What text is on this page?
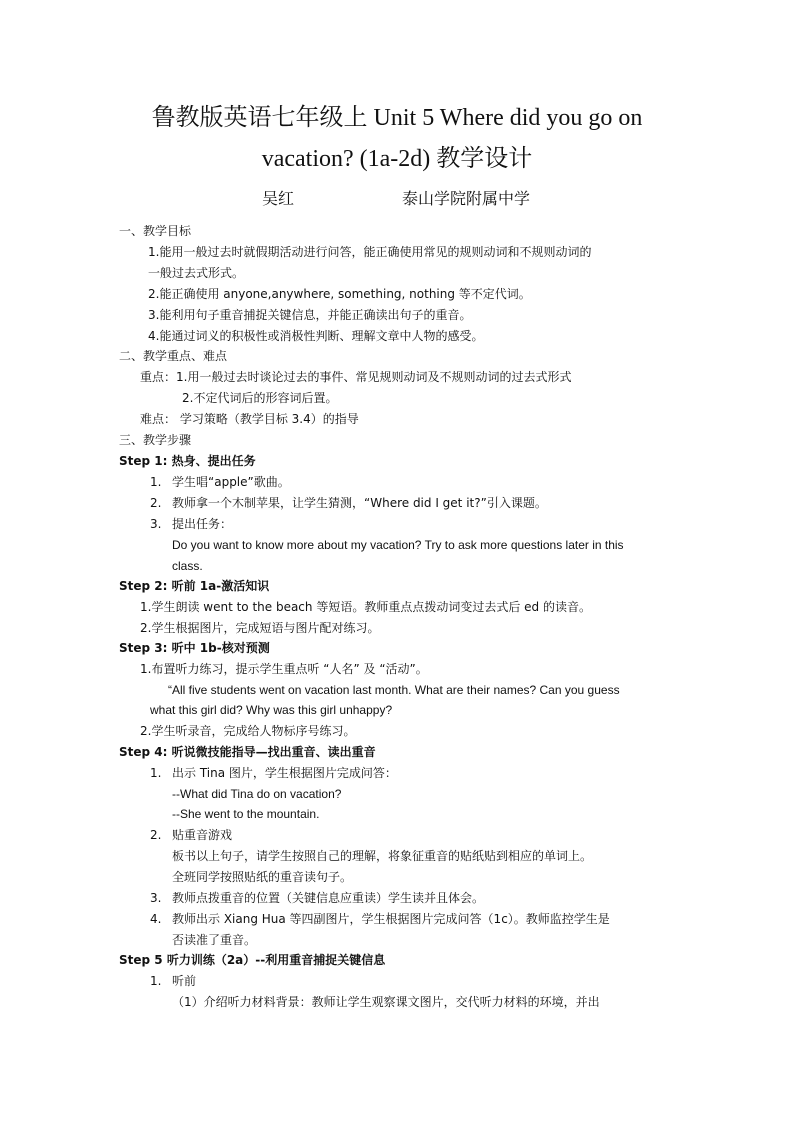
鲁教版英语七年级上 Unit 5 Where did you go on
vacation? (1a-2d) 教学设计
吴红	泰山学院附属中学
一、教学目标
1.能用一般过去时就假期活动进行问答，能正确使用常见的规则动词和不规则动词的
一般过去式形式。
2.能正确使用 anyone,anywhere, something, nothing 等不定代词。
3.能利用句子重音捕捉关键信息，并能正确读出句子的重音。
4.能通过词义的积极性或消极性判断、理解文章中人物的感受。
二、教学重点、难点
重点：1.用一般过去时谈论过去的事件、常见规则动词及不规则动词的过去式形式
2.不定代词后的形容词后置。
难点： 学习策略（教学目标 3.4）的指导
三、教学步骤
Step 1: 热身、提出任务
1. 学生唱“apple”歌曲。
2. 教师拿一个木制苹果，让学生猜测，“Where did I get it?”引入课题。
3. 提出任务：
Do you want to know more about my vacation? Try to ask more questions later in this
class.
Step 2: 听前 1a-激活知识
1.学生朗读 went to the beach 等短语。教师重点点拨动词变过去式后 ed 的读音。
2.学生根据图片，完成短语与图片配对练习。
Step 3: 听中 1b-核对预测
1.布置听力练习，提示学生重点听 “人名” 及 “活动”。
“All five students went on vacation last month. What are their names? Can you guess
what this girl did? Why was this girl unhappy?
2.学生听录音，完成给人物标序号练习。
Step 4: 听说微技能指导—找出重音、读出重音
1. 出示 Tina 图片，学生根据图片完成问答：
--What did Tina do on vacation?
--She went to the mountain.
2. 贴重音游戏
板书以上句子，请学生按照自己的理解，将象征重音的贴纸贴到相应的单词上。
全班同学按照贴纸的重音读句子。
3. 教师点拨重音的位置（关键信息应重读）学生读并且体会。
4. 教师出示 Xiang Hua 等四副图片，学生根据图片完成问答（1c）。教师监控学生是
否读准了重音。
Step 5 听力训练（2a）--利用重音捕捉关键信息
1. 听前
（1）介绍听力材料背景：教师让学生观察课文图片，交代听力材料的环境，并出
